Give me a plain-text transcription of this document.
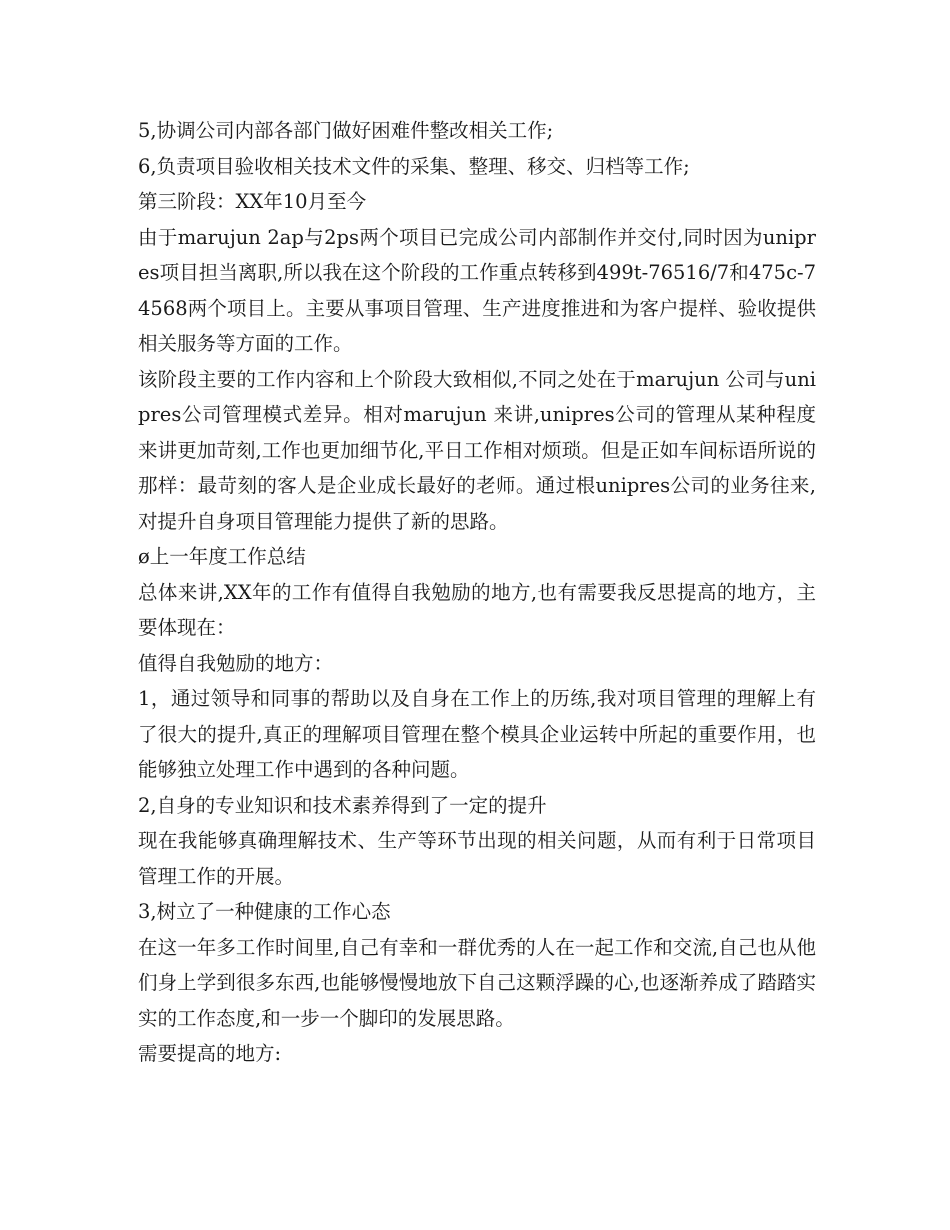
5,协调公司内部各部门做好困难件整改相关工作;

6,负责项目验收相关技术文件的采集、整理、移交、归档等工作;

第三阶段：XX年10月至今

由于marujun 2ap与2ps两个项目已完成公司内部制作并交付,同时因为unipres项目担当离职,所以我在这个阶段的工作重点转移到499t-76516/7和475c-74568两个项目上。主要从事项目管理、生产进度推进和为客户提样、验收提供相关服务等方面的工作。

该阶段主要的工作内容和上个阶段大致相似,不同之处在于marujun 公司与unipres公司管理模式差异。相对marujun 来讲,unipres公司的管理从某种程度来讲更加苛刻,工作也更加细节化,平日工作相对烦琐。但是正如车间标语所说的那样：最苛刻的客人是企业成长最好的老师。通过根unipres公司的业务往来,对提升自身项目管理能力提供了新的思路。

ø上一年度工作总结

总体来讲,XX年的工作有值得自我勉励的地方,也有需要我反思提高的地方，主要体现在：

值得自我勉励的地方：

1，通过领导和同事的帮助以及自身在工作上的历练,我对项目管理的理解上有了很大的提升,真正的理解项目管理在整个模具企业运转中所起的重要作用，也能够独立处理工作中遇到的各种问题。

2,自身的专业知识和技术素养得到了一定的提升

现在我能够真确理解技术、生产等环节出现的相关问题，从而有利于日常项目管理工作的开展。

3,树立了一种健康的工作心态

在这一年多工作时间里,自己有幸和一群优秀的人在一起工作和交流,自己也从他们身上学到很多东西,也能够慢慢地放下自己这颗浮躁的心,也逐渐养成了踏踏实实的工作态度,和一步一个脚印的发展思路。

需要提高的地方:
